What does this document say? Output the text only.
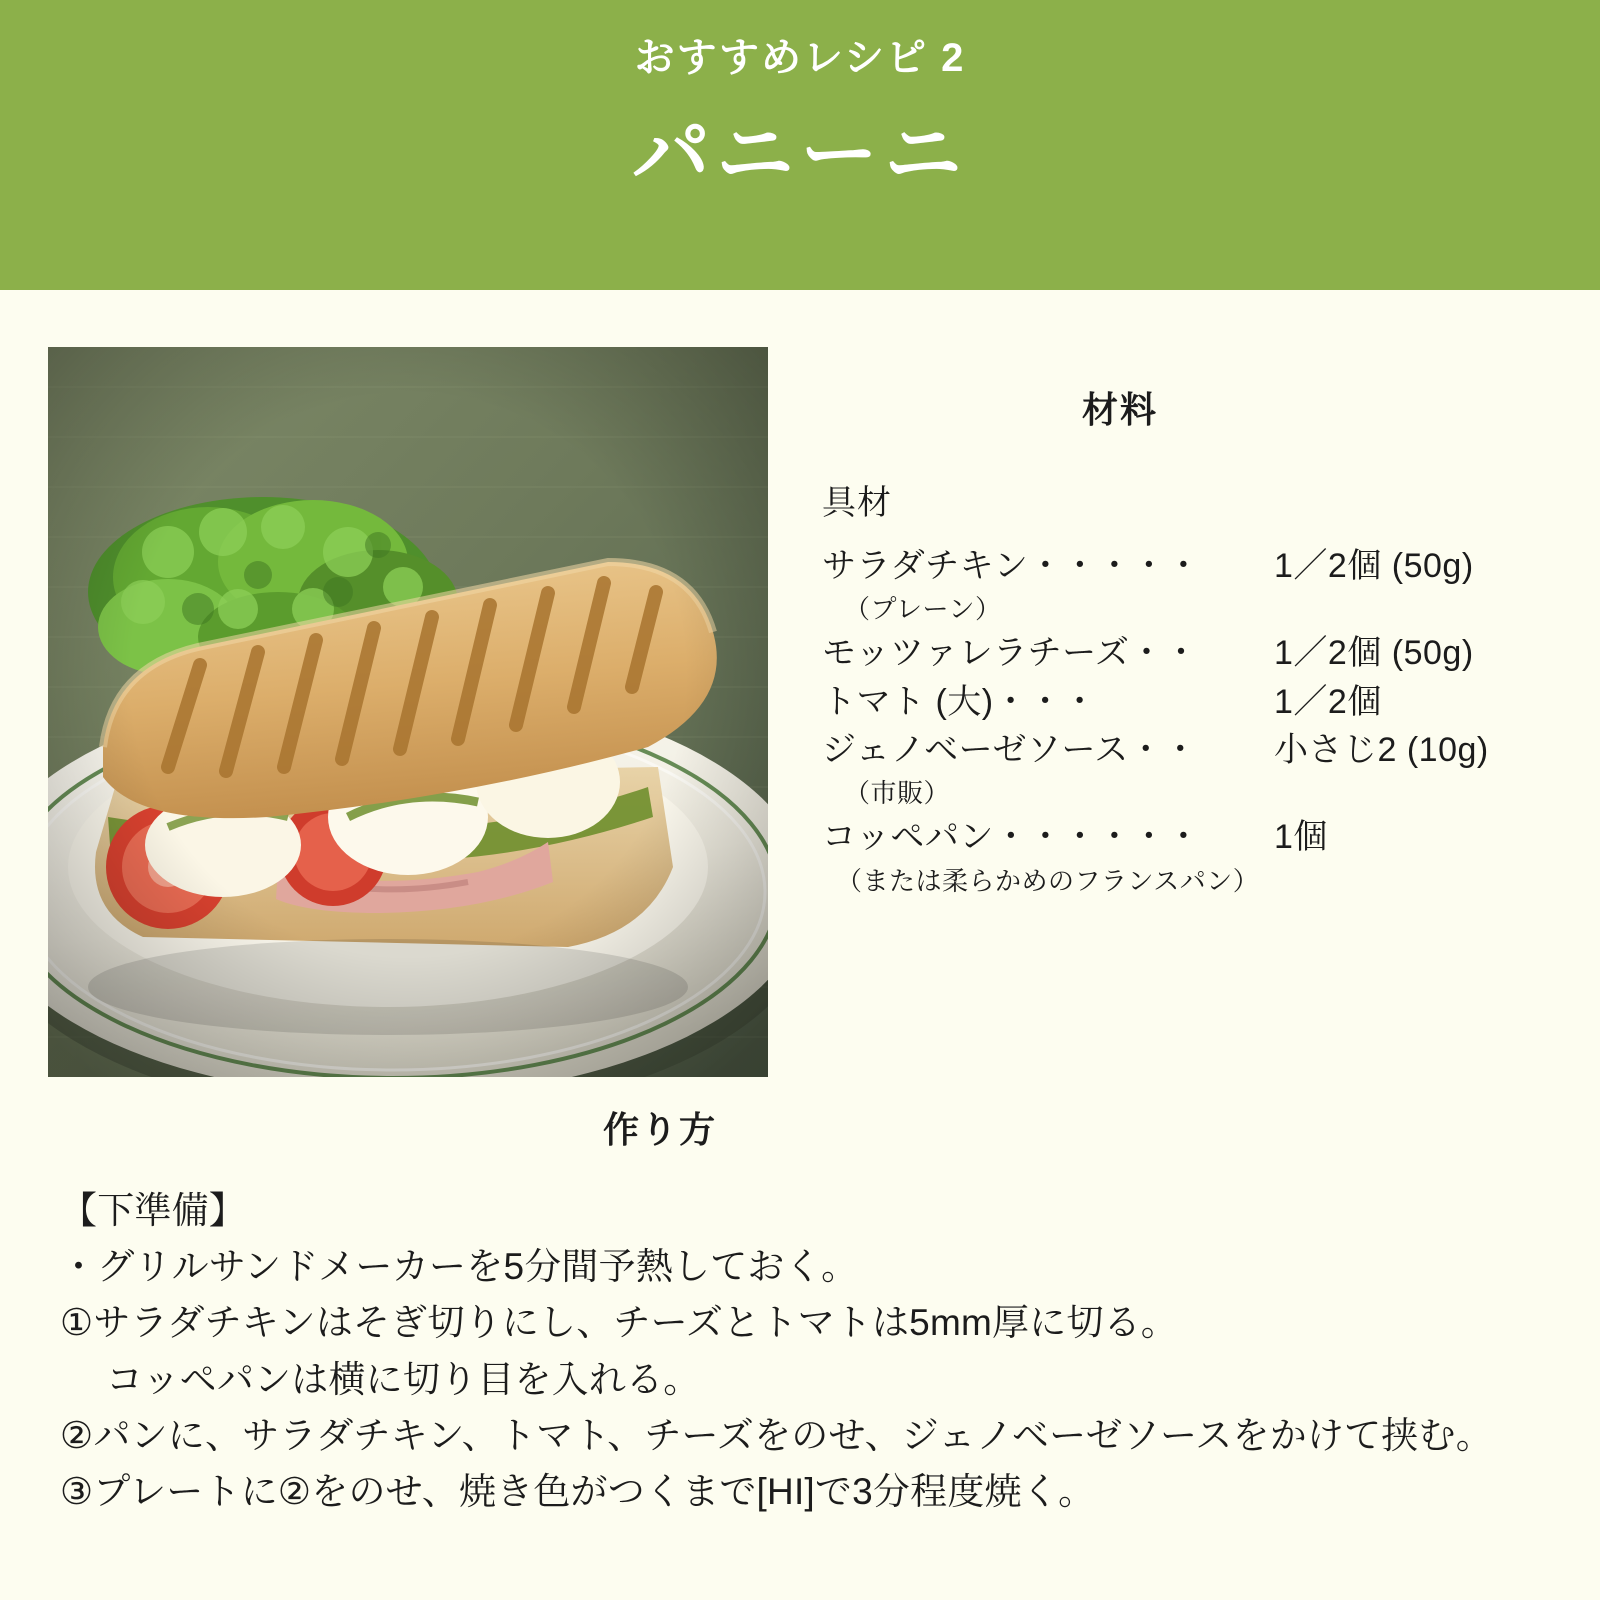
おすすめレシピ 2
パニーニ
材料
具材
サラダチキン・・・・・	1／2個 (50g)
（プレーン）	
モッツァレラチーズ・・	1／2個 (50g)
トマト (大)・・・	1／2個
ジェノベーゼソース・・	小さじ2 (10g)
（市販）	
コッペパン・・・・・・	1個
（または柔らかめのフランスパン）	
作り方
【下準備】
・グリルサンドメーカーを5分間予熱しておく。
①サラダチキンはそぎ切りにし、チーズとトマトは5mm厚に切る。
コッペパンは横に切り目を入れる。
②パンに、サラダチキン、トマト、チーズをのせ、ジェノベーゼソースをかけて挟む。
③プレートに②をのせ、焼き色がつくまで[HI]で3分程度焼く。
